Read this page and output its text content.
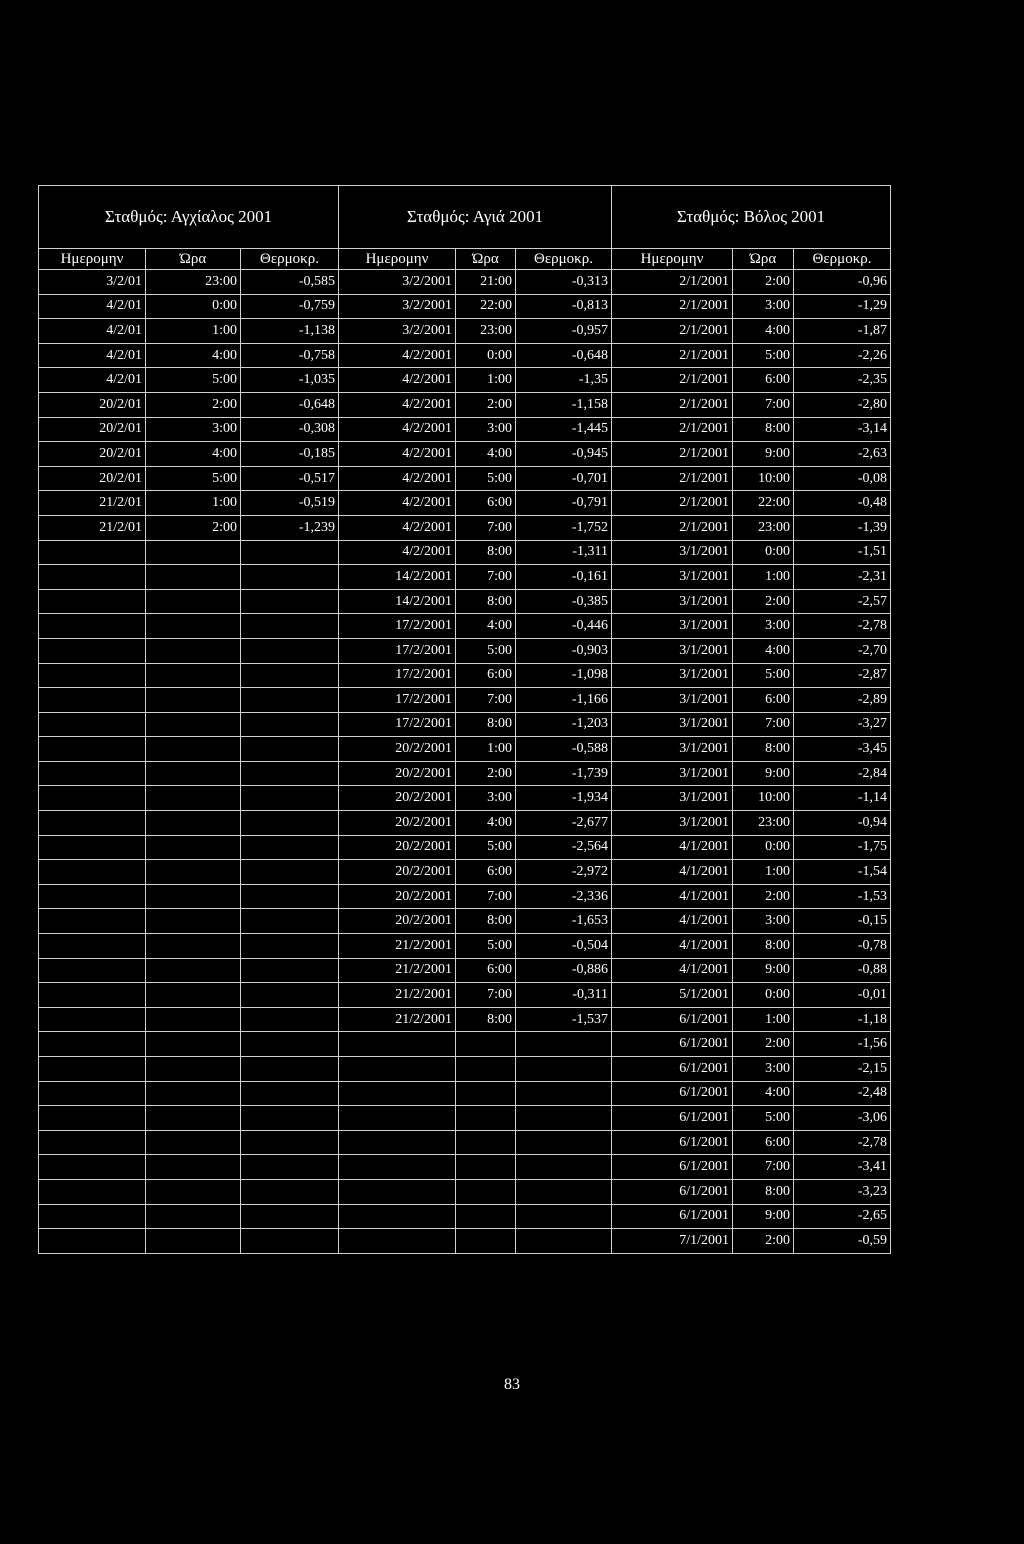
Σταθμός: Αγχίαλος 2001			Σταθμός: Αγιά 2001			Σταθμός: Βόλος 2001		
Ημερομην	Ώρα	Θερμοκρ.	Ημερομην	Ώρα	Θερμοκρ.	Ημερομην	Ώρα	Θερμοκρ.
3/2/01	23:00	-0,585	3/2/2001	21:00	-0,313	2/1/2001	2:00	-0,96
4/2/01	0:00	-0,759	3/2/2001	22:00	-0,813	2/1/2001	3:00	-1,29
4/2/01	1:00	-1,138	3/2/2001	23:00	-0,957	2/1/2001	4:00	-1,87
4/2/01	4:00	-0,758	4/2/2001	0:00	-0,648	2/1/2001	5:00	-2,26
4/2/01	5:00	-1,035	4/2/2001	1:00	-1,35	2/1/2001	6:00	-2,35
20/2/01	2:00	-0,648	4/2/2001	2:00	-1,158	2/1/2001	7:00	-2,80
20/2/01	3:00	-0,308	4/2/2001	3:00	-1,445	2/1/2001	8:00	-3,14
20/2/01	4:00	-0,185	4/2/2001	4:00	-0,945	2/1/2001	9:00	-2,63
20/2/01	5:00	-0,517	4/2/2001	5:00	-0,701	2/1/2001	10:00	-0,08
21/2/01	1:00	-0,519	4/2/2001	6:00	-0,791	2/1/2001	22:00	-0,48
21/2/01	2:00	-1,239	4/2/2001	7:00	-1,752	2/1/2001	23:00	-1,39
			4/2/2001	8:00	-1,311	3/1/2001	0:00	-1,51
			14/2/2001	7:00	-0,161	3/1/2001	1:00	-2,31
			14/2/2001	8:00	-0,385	3/1/2001	2:00	-2,57
			17/2/2001	4:00	-0,446	3/1/2001	3:00	-2,78
			17/2/2001	5:00	-0,903	3/1/2001	4:00	-2,70
			17/2/2001	6:00	-1,098	3/1/2001	5:00	-2,87
			17/2/2001	7:00	-1,166	3/1/2001	6:00	-2,89
			17/2/2001	8:00	-1,203	3/1/2001	7:00	-3,27
			20/2/2001	1:00	-0,588	3/1/2001	8:00	-3,45
			20/2/2001	2:00	-1,739	3/1/2001	9:00	-2,84
			20/2/2001	3:00	-1,934	3/1/2001	10:00	-1,14
			20/2/2001	4:00	-2,677	3/1/2001	23:00	-0,94
			20/2/2001	5:00	-2,564	4/1/2001	0:00	-1,75
			20/2/2001	6:00	-2,972	4/1/2001	1:00	-1,54
			20/2/2001	7:00	-2,336	4/1/2001	2:00	-1,53
			20/2/2001	8:00	-1,653	4/1/2001	3:00	-0,15
			21/2/2001	5:00	-0,504	4/1/2001	8:00	-0,78
			21/2/2001	6:00	-0,886	4/1/2001	9:00	-0,88
			21/2/2001	7:00	-0,311	5/1/2001	0:00	-0,01
			21/2/2001	8:00	-1,537	6/1/2001	1:00	-1,18
						6/1/2001	2:00	-1,56
						6/1/2001	3:00	-2,15
						6/1/2001	4:00	-2,48
						6/1/2001	5:00	-3,06
						6/1/2001	6:00	-2,78
						6/1/2001	7:00	-3,41
						6/1/2001	8:00	-3,23
						6/1/2001	9:00	-2,65
						7/1/2001	2:00	-0,59
83
